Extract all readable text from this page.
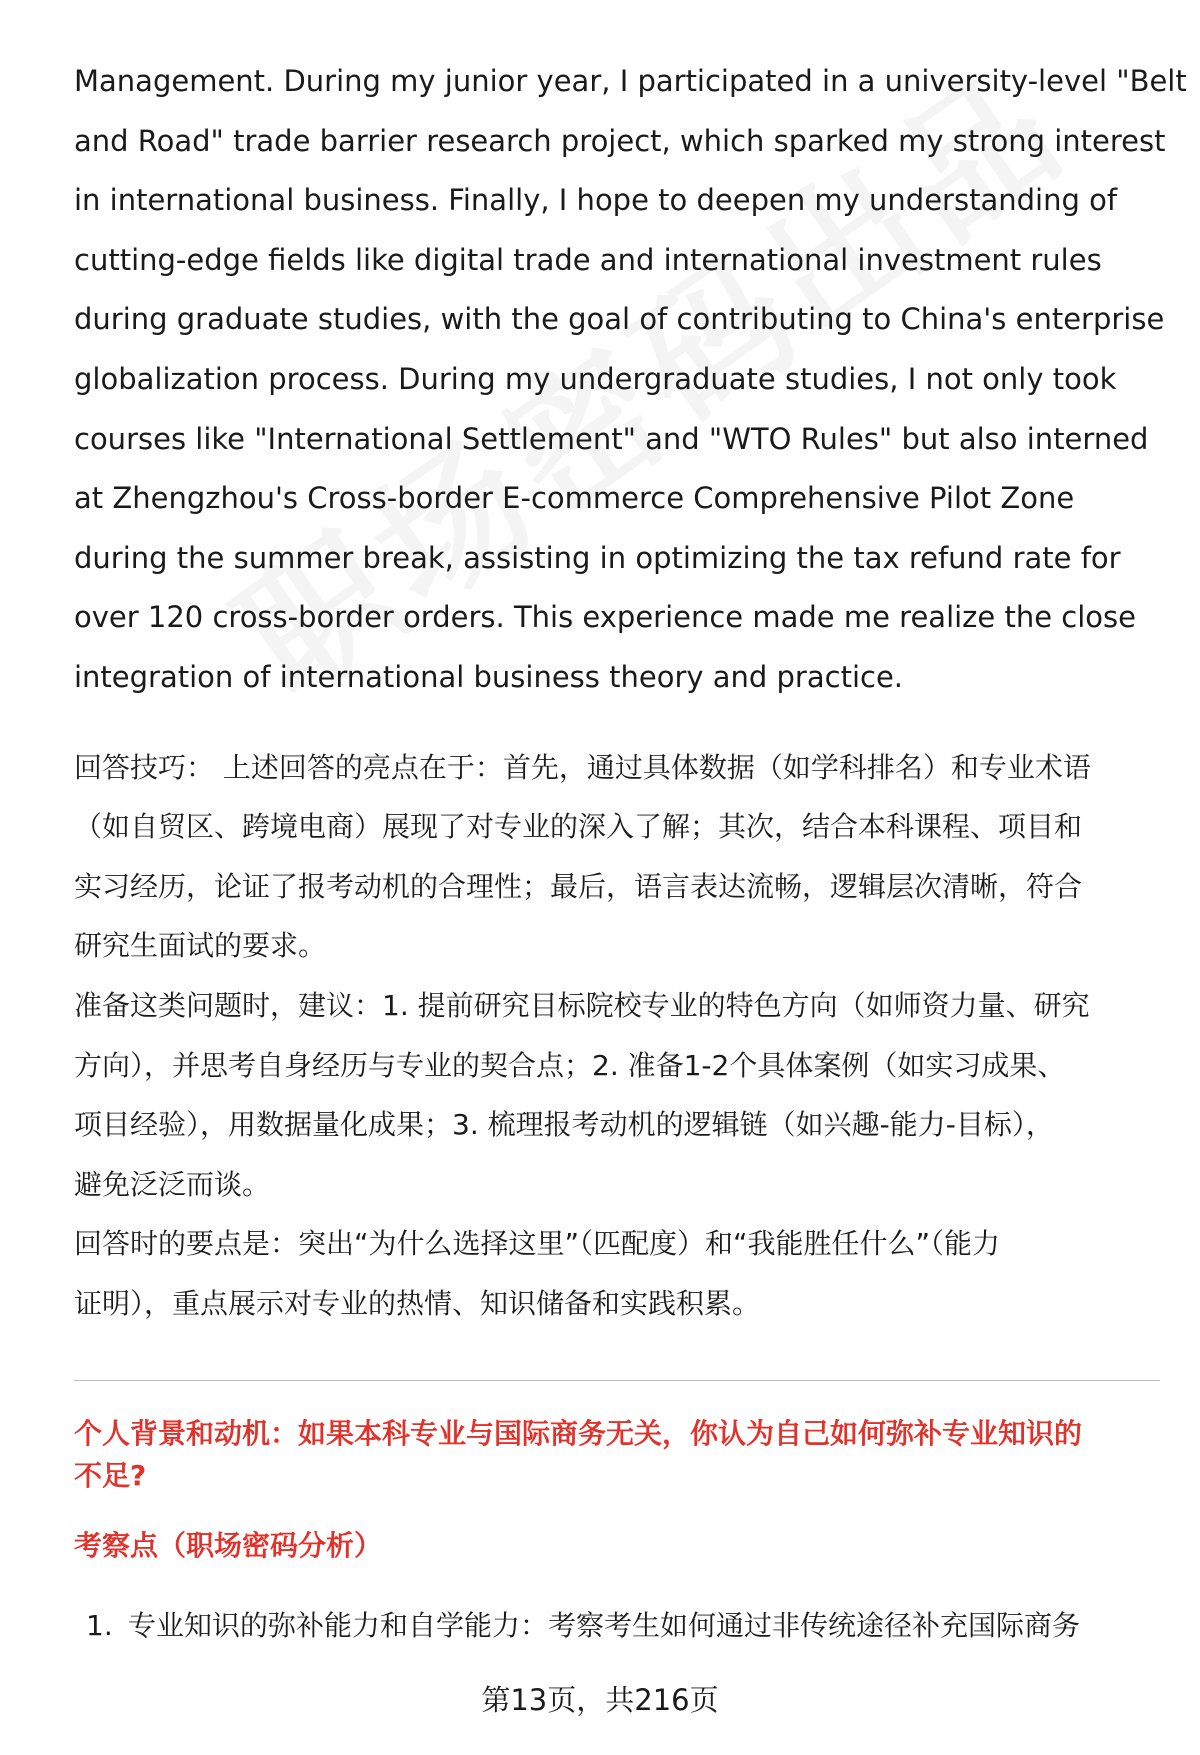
Management. During my junior year, I participated in a university-level "Belt
and Road" trade barrier research project, which sparked my strong interest
in international business. Finally, I hope to deepen my understanding of
cutting-edge fields like digital trade and international investment rules
during graduate studies, with the goal of contributing to China's enterprise
globalization process. During my undergraduate studies, I not only took
courses like "International Settlement" and "WTO Rules" but also interned
at Zhengzhou's Cross-border E-commerce Comprehensive Pilot Zone
during the summer break, assisting in optimizing the tax refund rate for
over 120 cross-border orders. This experience made me realize the close
integration of international business theory and practice.

回答技巧： 上述回答的亮点在于：首先，通过具体数据（如学科排名）和专业术语
（如自贸区、跨境电商）展现了对专业的深入了解；其次，结合本科课程、项目和
实习经历，论证了报考动机的合理性；最后，语言表达流畅，逻辑层次清晰，符合
研究生面试的要求。

准备这类问题时，建议：1. 提前研究目标院校专业的特色方向（如师资力量、研究
方向），并思考自身经历与专业的契合点；2. 准备1-2个具体案例（如实习成果、
项目经验），用数据量化成果；3. 梳理报考动机的逻辑链（如兴趣-能力-目标），
避免泛泛而谈。

回答时的要点是：突出“为什么选择这里”（匹配度）和“我能胜任什么”（能力
证明），重点展示对专业的热情、知识储备和实践积累。

个人背景和动机：如果本科专业与国际商务无关，你认为自己如何弥补专业知识的
不足?
考察点（职场密码分析）
1. 专业知识的弥补能力和自学能力：考察考生如何通过非传统途径补充国际商务
第13页，共216页
